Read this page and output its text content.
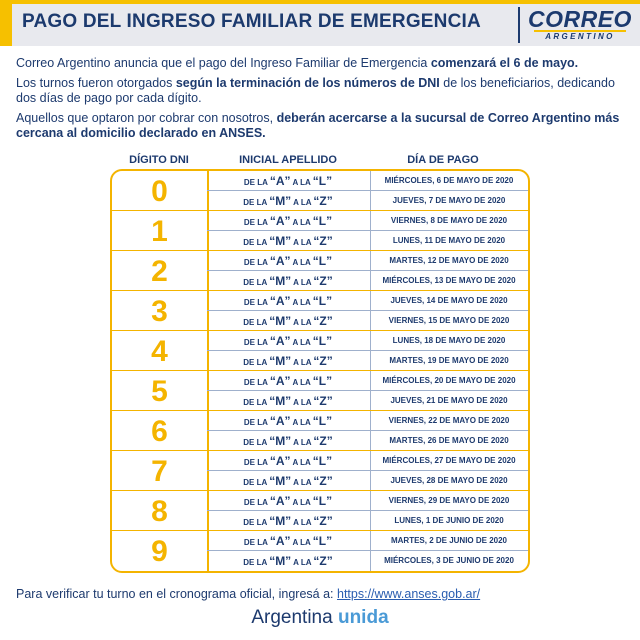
PAGO DEL INGRESO FAMILIAR DE EMERGENCIA CORREO
ARGENTINO
Correo Argentino anuncia que el pago del Ingreso Familiar de Emergencia comenzará el 6 de mayo.
Los turnos fueron otorgados según la terminación de los números de DNI de los beneficiarios, dedicando dos días de pago por cada dígito.
Aquellos que optaron por cobrar con nosotros, deberán acercarse a la sucursal de Correo Argentino más cercana al domicilio declarado en ANSES.
DÍGITO DNI	INICIAL APELLIDO	DÍA DE PAGO
0	DE LA “A” A LA “L”	MIÉRCOLES, 6 DE MAYO DE 2020
DE LA “M” A LA “Z”	JUEVES, 7 DE MAYO DE 2020
1	DE LA “A” A LA “L”	VIERNES, 8 DE MAYO DE 2020
DE LA “M” A LA “Z”	LUNES, 11 DE MAYO DE 2020
2	DE LA “A” A LA “L”	MARTES, 12 DE MAYO DE 2020
DE LA “M” A LA “Z”	MIÉRCOLES, 13 DE MAYO DE 2020
3	DE LA “A” A LA “L”	JUEVES, 14 DE MAYO DE 2020
DE LA “M” A LA “Z”	VIERNES, 15 DE MAYO DE 2020
4	DE LA “A” A LA “L”	LUNES, 18 DE MAYO DE 2020
DE LA “M” A LA “Z”	MARTES, 19 DE MAYO DE 2020
5	DE LA “A” A LA “L”	MIÉRCOLES, 20 DE MAYO DE 2020
DE LA “M” A LA “Z”	JUEVES, 21 DE MAYO DE 2020
6	DE LA “A” A LA “L”	VIERNES, 22 DE MAYO DE 2020
DE LA “M” A LA “Z”	MARTES, 26 DE MAYO DE 2020
7	DE LA “A” A LA “L”	MIÉRCOLES, 27 DE MAYO DE 2020
DE LA “M” A LA “Z”	JUEVES, 28 DE MAYO DE 2020
8	DE LA “A” A LA “L”	VIERNES, 29 DE MAYO DE 2020
DE LA “M” A LA “Z”	LUNES, 1 DE JUNIO DE 2020
9	DE LA “A” A LA “L”	MARTES, 2 DE JUNIO DE 2020
DE LA “M” A LA “Z”	MIÉRCOLES, 3 DE JUNIO DE 2020
Para verificar tu turno en el cronograma oficial, ingresá a: https://www.anses.gob.ar/
Argentina unida
